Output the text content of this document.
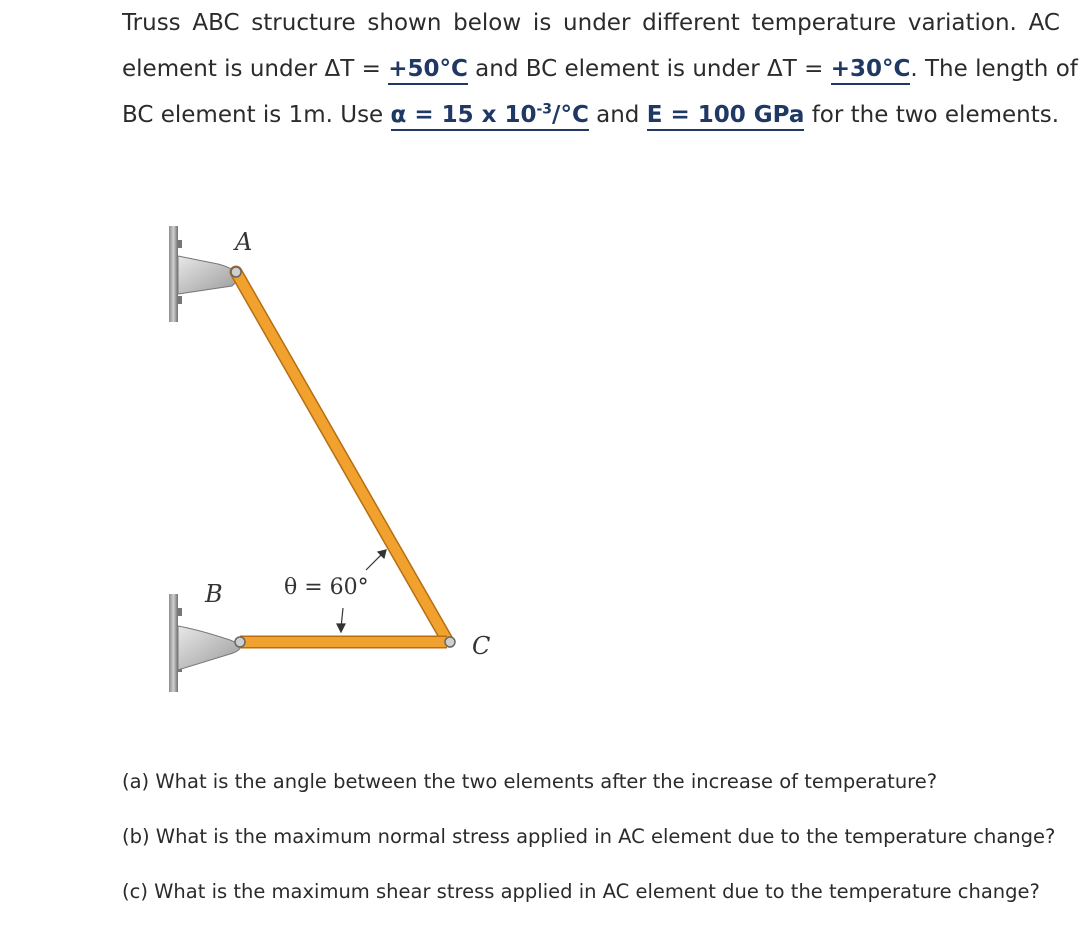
Truss ABC structure shown below is under different temperature variation. AC
element is under ΔT = +50°C and BC element is under ΔT = +30°C. The length of
BC element is 1m. Use α = 15 x $10^{-3}/^\circ C$ and E = 100 GPa for the two elements.
A
B
C
θ = 60°
(a) What is the angle between the two elements after the increase of temperature?
(b) What is the maximum normal stress applied in AC element due to the temperature change?
(c) What is the maximum shear stress applied in AC element due to the temperature change?
